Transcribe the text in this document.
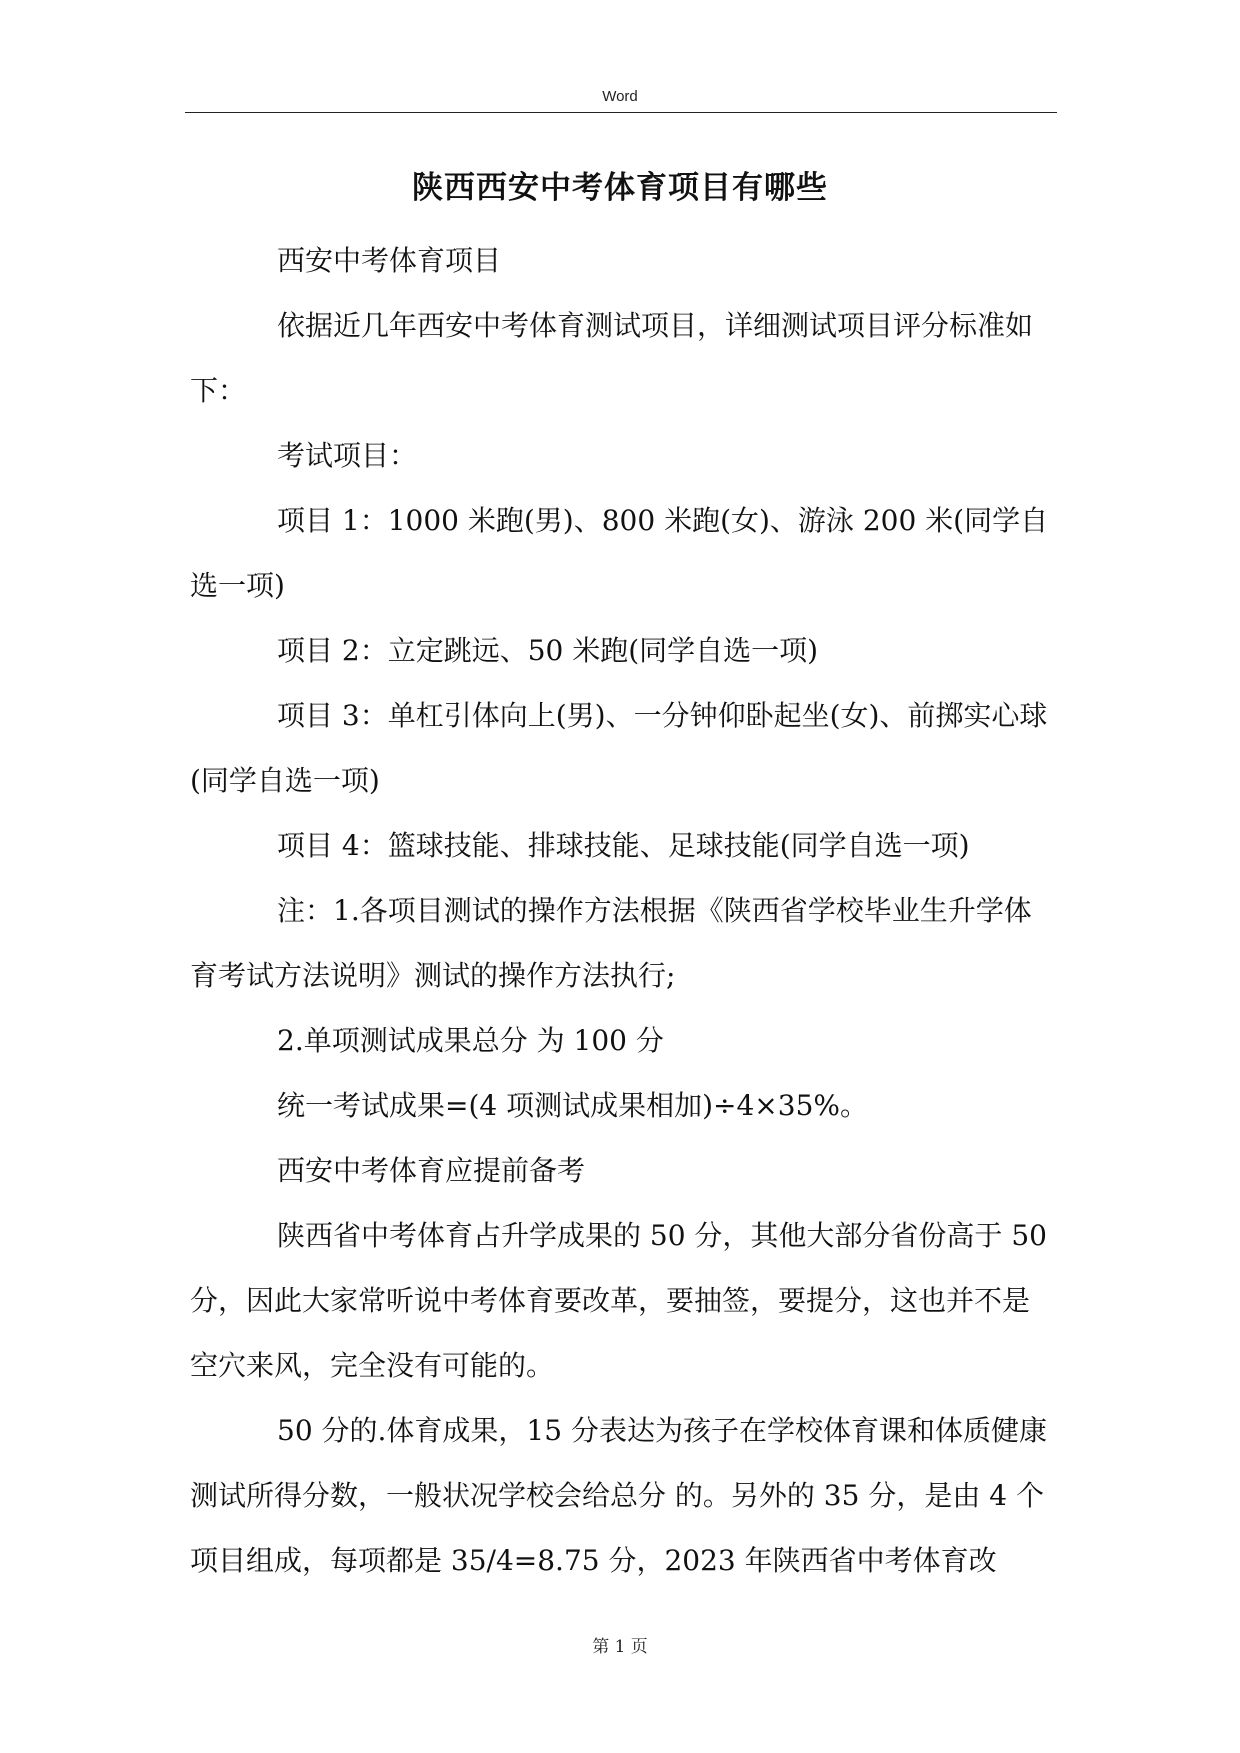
Word
陕西西安中考体育项目有哪些

西安中考体育项目

依据近几年西安中考体育测试项目，详细测试项目评分标准如下：

考试项目：

项目 1：1000 米跑(男)、800 米跑(女)、游泳 200 米(同学自选一项)

项目 2：立定跳远、50 米跑(同学自选一项)

项目 3：单杠引体向上(男)、一分钟仰卧起坐(女)、前掷实心球(同学自选一项)

项目 4：篮球技能、排球技能、足球技能(同学自选一项)

注：1.各项目测试的操作方法根据《陕西省学校毕业生升学体育考试方法说明》测试的操作方法执行;

2.单项测试成果总分 为 100 分

统一考试成果=(4 项测试成果相加)÷4×35%。

西安中考体育应提前备考

陕西省中考体育占升学成果的 50 分，其他大部分省份高于 50 分，因此大家常听说中考体育要改革，要抽签，要提分，这也并不是空穴来风，完全没有可能的。

50 分的.体育成果，15 分表达为孩子在学校体育课和体质健康测试所得分数，一般状况学校会给总分 的。另外的 35 分，是由 4 个项目组成，每项都是 35/4=8.75 分，2023 年陕西省中考体育改

第 1 页
